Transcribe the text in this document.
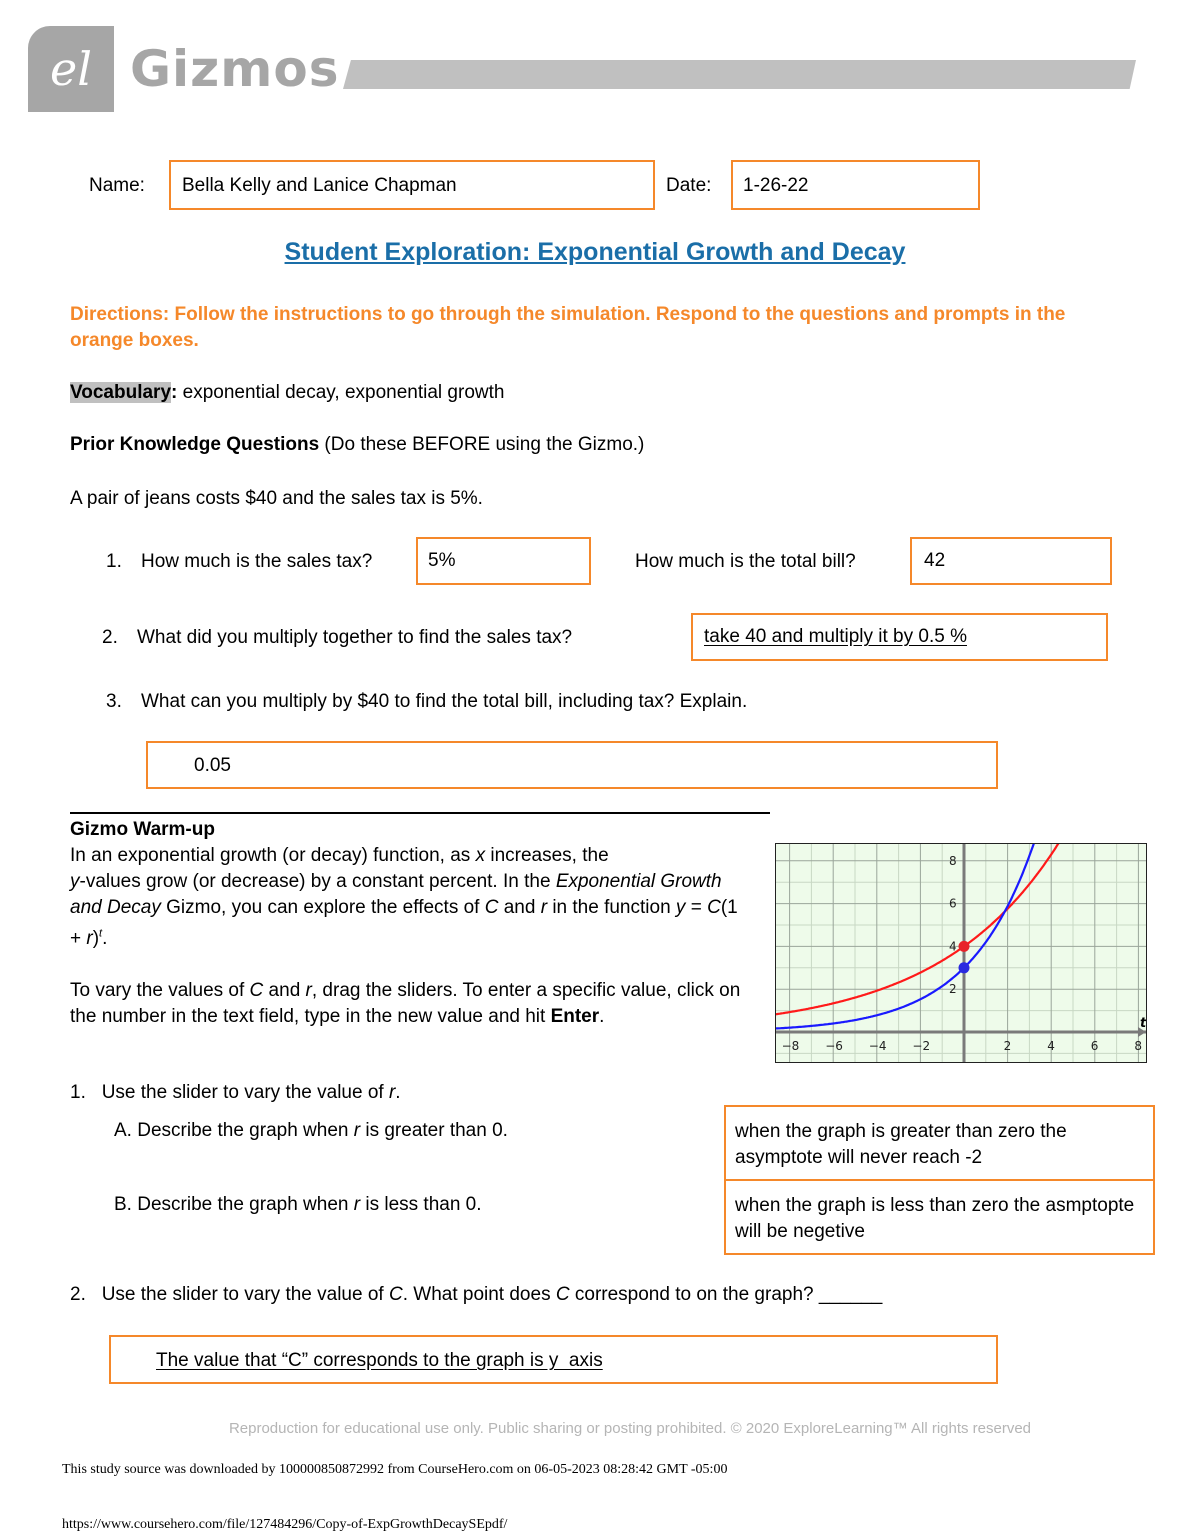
el Gizmos
Name:	Bella Kelly and Lanice Chapman	Date:	1-26-22
Student Exploration: Exponential Growth and Decay
Directions: Follow the instructions to go through the simulation. Respond to the questions and prompts in the orange boxes.
Vocabulary: exponential decay, exponential growth
Prior Knowledge Questions (Do these BEFORE using the Gizmo.)
A pair of jeans costs $40 and the sales tax is 5%.
1. How much is the sales tax?	5%	How much is the total bill?	42
2. What did you multiply together to find the sales tax?	take 40 and multiply it by 0.5 %
3. What can you multiply by $40 to find the total bill, including tax? Explain.
0.05
Gizmo Warm-up
In an exponential growth (or decay) function, as x increases, the
y-values grow (or decrease) by a constant percent. In the Exponential Growth and Decay Gizmo, you can explore the effects of C and r in the function $y = C(1 + r)^t$.

To vary the values of C and r, drag the sliders. To enter a specific value, click on the number in the text field, type in the new value and hit Enter.
−8 −6 −4 −2	2	4	6	8
2
4
6
8
t
1. Use the slider to vary the value of r.
A. Describe the graph when r is greater than 0.	when the graph is greater than zero the asymptote will never reach -2
B. Describe the graph when r is less than 0.	when the graph is less than zero the asmptopte will be negetive
2. Use the slider to vary the value of C. What point does C correspond to on the graph? ______
The value that “C” corresponds to the graph is y  axis
Reproduction for educational use only. Public sharing or posting prohibited. © 2020 ExploreLearning™ All rights reserved
This study source was downloaded by 100000850872992 from CourseHero.com on 06-05-2023 08:28:42 GMT -05:00
https://www.coursehero.com/file/127484296/Copy-of-ExpGrowthDecaySEpdf/
